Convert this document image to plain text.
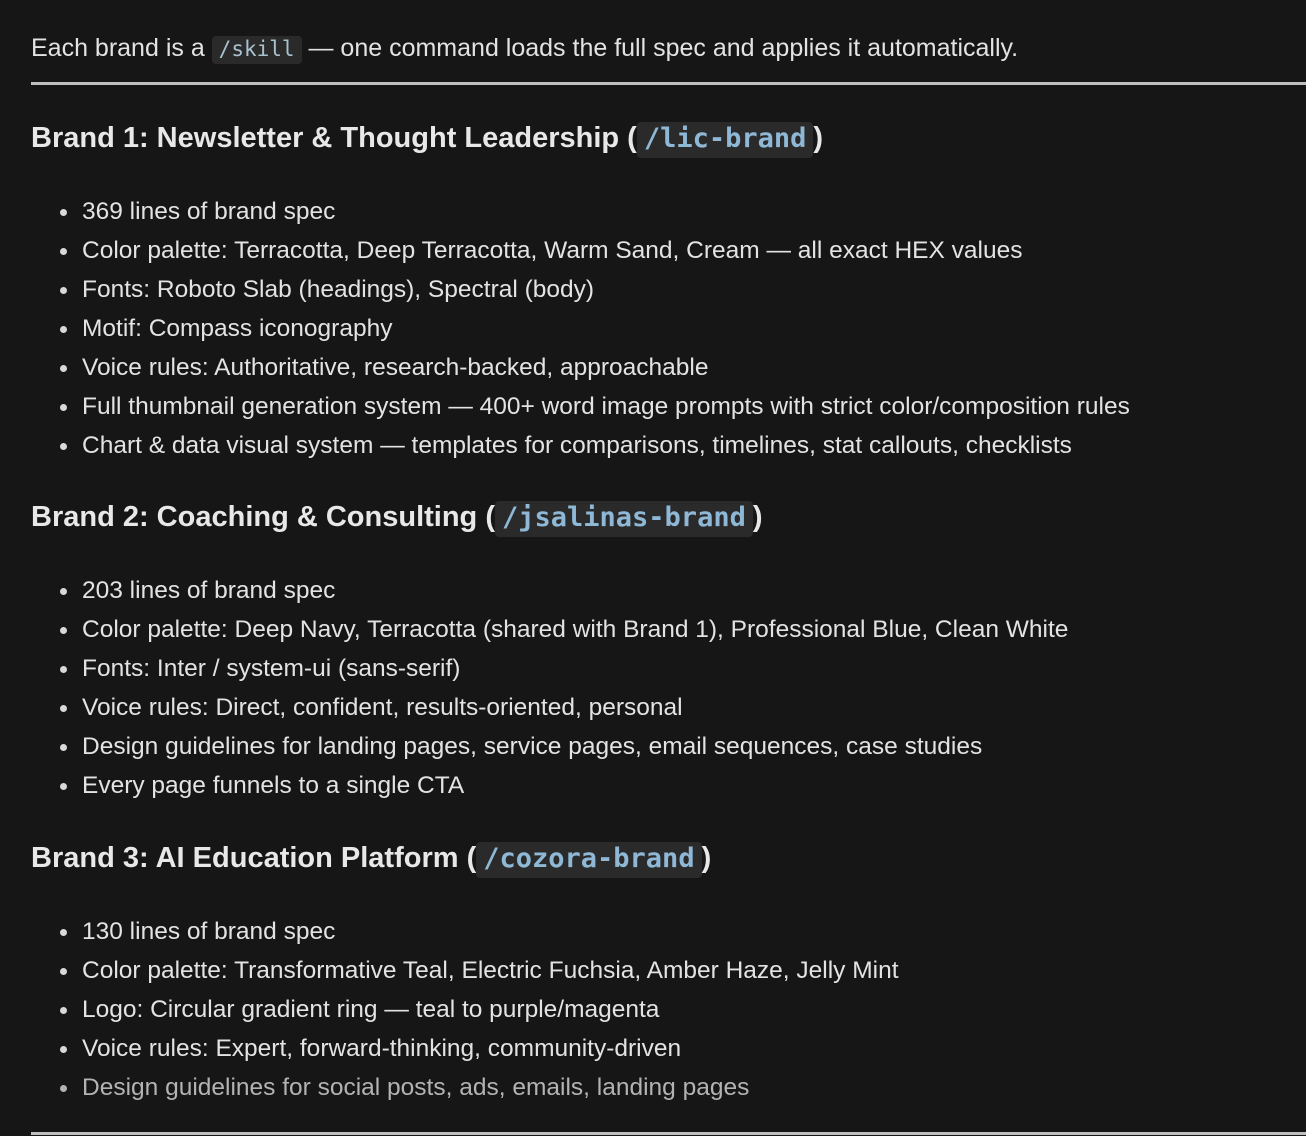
Each brand is a /skill — one command loads the full spec and applies it automatically.

Brand 1: Newsletter & Thought Leadership ( /lic-brand )
369 lines of brand spec
Color palette: Terracotta, Deep Terracotta, Warm Sand, Cream — all exact HEX values
Fonts: Roboto Slab (headings), Spectral (body)
Motif: Compass iconography
Voice rules: Authoritative, research-backed, approachable
Full thumbnail generation system — 400+ word image prompts with strict color/composition rules
Chart & data visual system — templates for comparisons, timelines, stat callouts, checklists
Brand 2: Coaching & Consulting ( /jsalinas-brand )
203 lines of brand spec
Color palette: Deep Navy, Terracotta (shared with Brand 1), Professional Blue, Clean White
Fonts: Inter / system-ui (sans-serif)
Voice rules: Direct, confident, results-oriented, personal
Design guidelines for landing pages, service pages, email sequences, case studies
Every page funnels to a single CTA
Brand 3: AI Education Platform ( /cozora-brand )
130 lines of brand spec
Color palette: Transformative Teal, Electric Fuchsia, Amber Haze, Jelly Mint
Logo: Circular gradient ring — teal to purple/magenta
Voice rules: Expert, forward-thinking, community-driven
Design guidelines for social posts, ads, emails, landing pages
